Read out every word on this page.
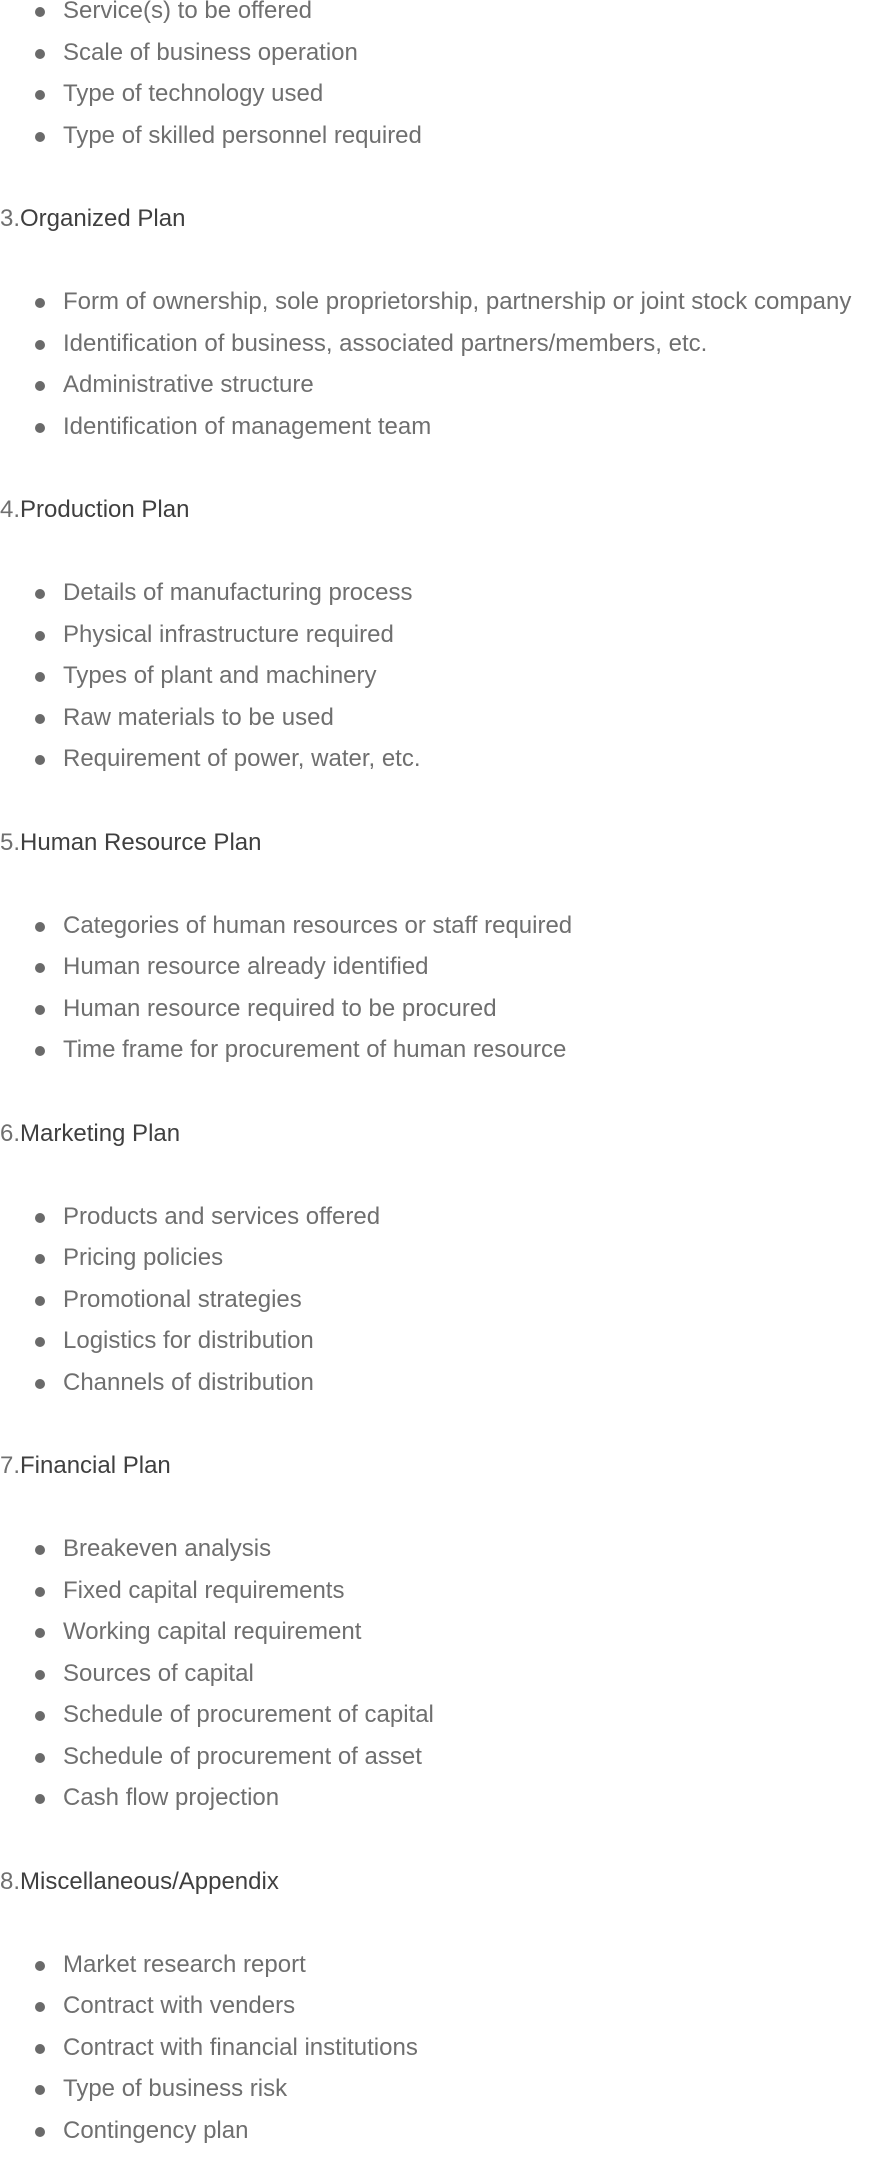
Service(s) to be offered
Scale of business operation
Type of technology used
Type of skilled personnel required
3.Organized Plan
Form of ownership, sole proprietorship, partnership or joint stock company
Identification of business, associated partners/members, etc.
Administrative structure
Identification of management team
4.Production Plan
Details of manufacturing process
Physical infrastructure required
Types of plant and machinery
Raw materials to be used
Requirement of power, water, etc.
5.Human Resource Plan
Categories of human resources or staff required
Human resource already identified
Human resource required to be procured
Time frame for procurement of human resource
6.Marketing Plan
Products and services offered
Pricing policies
Promotional strategies
Logistics for distribution
Channels of distribution
7.Financial Plan
Breakeven analysis
Fixed capital requirements
Working capital requirement
Sources of capital
Schedule of procurement of capital
Schedule of procurement of asset
Cash flow projection
8.Miscellaneous/Appendix
Market research report
Contract with venders
Contract with financial institutions
Type of business risk
Contingency plan
